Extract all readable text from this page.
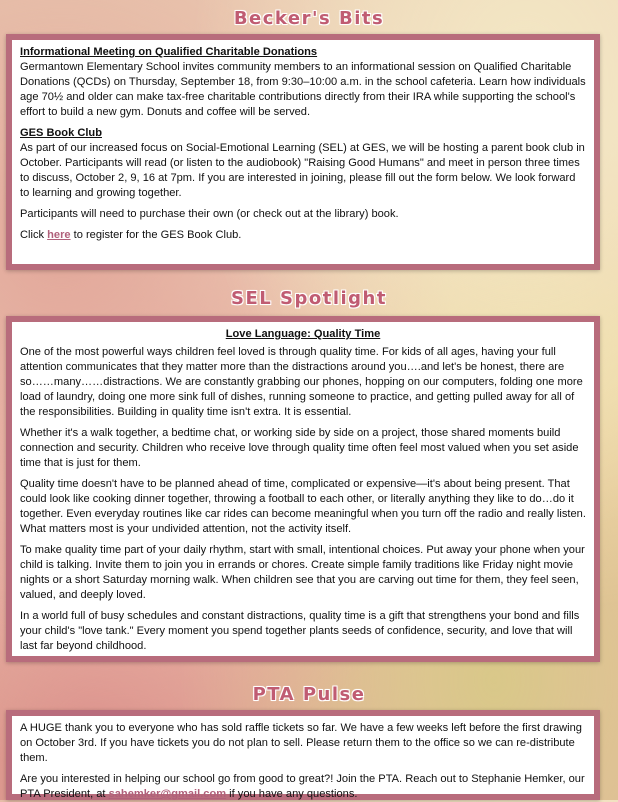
Becker's Bits
Informational Meeting on Qualified Charitable Donations

Germantown Elementary School invites community members to an informational session on Qualified Charitable Donations (QCDs) on Thursday, September 18, from 9:30–10:00 a.m. in the school cafeteria. Learn how individuals age 70½ and older can make tax-free charitable contributions directly from their IRA while supporting the school's effort to build a new gym. Donuts and coffee will be served.

GES Book Club

As part of our increased focus on Social-Emotional Learning (SEL) at GES, we will be hosting a parent book club in October. Participants will read (or listen to the audiobook) "Raising Good Humans" and meet in person three times to discuss, October 2, 9, 16 at 7pm. If you are interested in joining, please fill out the form below. We look forward to learning and growing together.

Participants will need to purchase their own (or check out at the library) book.

Click here to register for the GES Book Club.

SEL Spotlight
Love Language: Quality Time

One of the most powerful ways children feel loved is through quality time. For kids of all ages, having your full attention communicates that they matter more than the distractions around you….and let's be honest, there are so……many……distractions. We are constantly grabbing our phones, hopping on our computers, folding one more load of laundry, doing one more sink full of dishes, running someone to practice, and getting pulled away for all of the responsibilities. Building in quality time isn't extra. It is essential.

Whether it's a walk together, a bedtime chat, or working side by side on a project, those shared moments build connection and security. Children who receive love through quality time often feel most valued when you set aside time that is just for them.

Quality time doesn't have to be planned ahead of time, complicated or expensive—it's about being present. That could look like cooking dinner together, throwing a football to each other, or literally anything they like to do…do it together. Even everyday routines like car rides can become meaningful when you turn off the radio and really listen. What matters most is your undivided attention, not the activity itself.

To make quality time part of your daily rhythm, start with small, intentional choices. Put away your phone when your child is talking. Invite them to join you in errands or chores. Create simple family traditions like Friday night movie nights or a short Saturday morning walk. When children see that you are carving out time for them, they feel seen, valued, and deeply loved.

In a world full of busy schedules and constant distractions, quality time is a gift that strengthens your bond and fills your child's "love tank." Every moment you spend together plants seeds of confidence, security, and love that will last far beyond childhood.

PTA Pulse

A HUGE thank you to everyone who has sold raffle tickets so far. We have a few weeks left before the first drawing on October 3rd. If you have tickets you do not plan to sell. Please return them to the office so we can re-distribute them.

Are you interested in helping our school go from good to great?! Join the PTA. Reach out to Stephanie Hemker, our PTA President, at sahemker@gmail.com if you have any questions.
